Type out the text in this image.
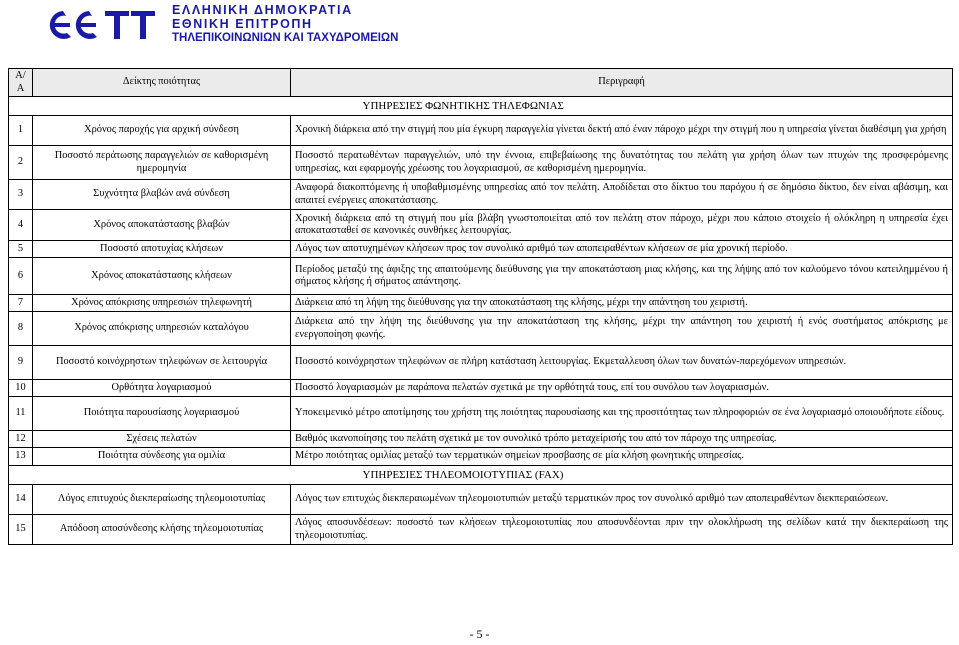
ΕΛΛΗΝΙΚΗ ΔΗΜΟΚΡΑΤΙΑ
ΕΘΝΙΚΗ ΕΠΙΤΡΟΠΗ
ΤΗΛΕΠΙΚΟΙΝΩΝΙΩΝ ΚΑΙ ΤΑΧΥΔΡΟΜΕΙΩΝ
Α/Α	Δείκτης ποιότητας	Περιγραφή
		ΥΠΗΡΕΣΙΕΣ ΦΩΝΗΤΙΚΗΣ ΤΗΛΕΦΩΝΙΑΣ
1	Χρόνος παροχής για αρχική σύνδεση	Χρονική διάρκεια από την στιγμή που μία έγκυρη παραγγελία γίνεται δεκτή από έναν πάροχο μέχρι την στιγμή που η υπηρεσία γίνεται διαθέσιμη για χρήση
2	Ποσοστό περάτωσης παραγγελιών σε καθορισμένη ημερομηνία	Ποσοστό περατωθέντων παραγγελιών, υπό την έννοια, επιβεβαίωσης της δυνατότητας του πελάτη για χρήση όλων των πτυχών της προσφερόμενης υπηρεσίας, και εφαρμογής χρέωσης του λογαριασμού, σε καθορισμένη ημερομηνία.
3	Συχνότητα βλαβών ανά σύνδεση	Αναφορά διακοπτόμενης ή υποβαθμισμένης υπηρεσίας από τον πελάτη. Αποδίδεται στο δίκτυο του παρόχου ή σε δημόσιο δίκτυο, δεν είναι αβάσιμη, και απαιτεί ενέργειες αποκατάστασης.
4	Χρόνος αποκατάστασης βλαβών	Χρονική διάρκεια από τη στιγμή που μία βλάβη γνωστοποιείται από τον πελάτη στον πάροχο, μέχρι που κάποιο στοιχείο ή ολόκληρη η υπηρεσία έχει αποκατασταθεί σε κανονικές συνθήκες λειτουργίας.
5	Ποσοστό αποτυχίας κλήσεων	Λόγος των αποτυχημένων κλήσεων προς τον συνολικό αριθμό των αποπειραθέντων κλήσεων σε μία χρονική περίοδο.
6	Χρόνος αποκατάστασης κλήσεων	Περίοδος μεταξύ της άφιξης της απαιτούμενης διεύθυνσης για την αποκατάσταση μιας κλήσης, και της λήψης από τον καλούμενο τόνου κατειλημμένου ή σήματος κλήσης ή σήματος απάντησης.
7	Χρόνος απόκρισης υπηρεσιών τηλεφωνητή	Διάρκεια από τη λήψη της διεύθυνσης για την αποκατάσταση της κλήσης, μέχρι την απάντηση του χειριστή.
8	Χρόνος απόκρισης υπηρεσιών καταλόγου	Διάρκεια από την λήψη της διεύθυνσης για την αποκατάσταση της κλήσης, μέχρι την απάντηση του χειριστή ή ενός συστήματος απόκρισης με ενεργοποίηση φωνής.
9	Ποσοστό κοινόχρηστων τηλεφώνων σε λειτουργία	Ποσοστό κοινόχρηστων τηλεφώνων σε πλήρη κατάσταση λειτουργίας. Εκμεταλλευση όλων των δυνατών-παρεχόμενων υπηρεσιών.
10	Ορθότητα λογαριασμού	Ποσοστό λογαριασμών με παράπονα πελατών σχετικά με την ορθότητά τους, επί του συνόλου των λογαριασμών.
11	Ποιότητα παρουσίασης λογαριασμού	Υποκειμενικό μέτρο αποτίμησης του χρήστη της ποιότητας παρουσίασης και της προσιτότητας των πληροφοριών σε ένα λογαριασμό οποιουδήποτε είδους.
12	Σχέσεις πελατών	Βαθμός ικανοποίησης του πελάτη σχετικά με τον συνολικό τρόπο μεταχείρισής του από τον πάροχο της υπηρεσίας.
13	Ποιότητα σύνδεσης για ομιλία	Μέτρο ποιότητας ομιλίας μεταξύ των τερματικών σημείων προσβασης σε μία κλήση φωνητικής υπηρεσίας.
		ΥΠΗΡΕΣΙΕΣ ΤΗΛΕΟΜΟΙΟΤΥΠΙΑΣ (FAX)
14	Λόγος επιτυχούς διεκπεραίωσης τηλεομοιοτυπίας	Λόγος των επιτυχώς διεκπεραιωμένων τηλεομοιοτυπιών μεταξύ τερματικών προς τον συνολικό αριθμό των αποπειραθέντων διεκπεραιώσεων.
15	Απόδοση αποσύνδεσης κλήσης τηλεομοιοτυπίας	Λόγος αποσυνδέσεων: ποσοστό των κλήσεων τηλεομοιοτυπίας που αποσυνδέονται πριν την ολοκλήρωση της σελίδων κατά την διεκπεραίωση της τηλεομοιοτυπίας.
- 5 -
